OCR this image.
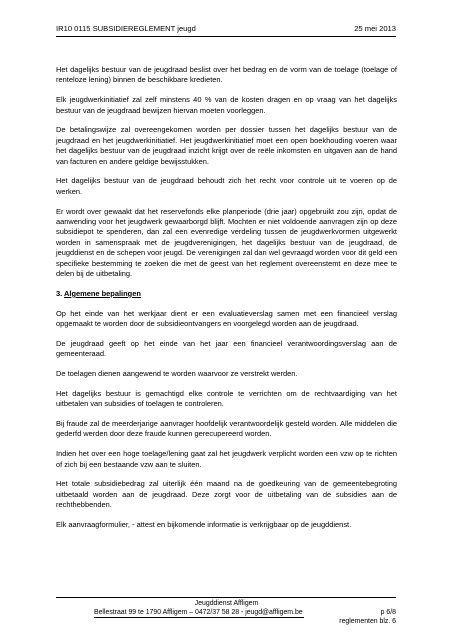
IR10 0115 SUBSIDIEREGLEMENT jeugd	25 mei 2013

Het dagelijks bestuur van de jeugdraad beslist over het bedrag en de vorm van de toelage (toelage of renteloze lening) binnen de beschikbare kredieten.

Elk jeugdwerkinitiatief zal zelf minstens 40 % van de kosten dragen en op vraag van het dagelijks bestuur van de jeugdraad bewijzen hiervan moeten voorleggen.

De betalingswijze zal overeengekomen worden per dossier tussen het dagelijks bestuur van de jeugdraad en het jeugdwerkinitiatief. Het jeugdwerkinitiatief moet een open boekhouding voeren waar het dagelijks bestuur van de jeugdraad inzicht krijgt over de reële inkomsten en uitgaven aan de hand van facturen en andere geldige bewijsstukken.

Het dagelijks bestuur van de jeugdraad behoudt zich het recht voor controle uit te voeren op de werken.

Er wordt over gewaakt dat het reservefonds elke planperiode (drie jaar) opgebruikt zou zijn, opdat de aanwending voor het jeugdwerk gewaarborgd blijft. Mochten er niet voldoende aanvragen zijn op deze subsidiepot te spenderen, dan zal een evenredige verdeling tussen de jeugdwerkvormen uitgewerkt worden in samenspraak met de jeugdverenigingen, het dagelijks bestuur van de jeugdraad, de jeugddienst en de schepen voor jeugd. De verenigingen zal dan wel gevraagd worden voor dit geld een specifieke bestemming te zoeken die met de geest van het reglement overeenstemt en deze mee te delen bij de uitbetaling.

3. Algemene bepalingen

Op het einde van het werkjaar dient er een evaluatieverslag samen met een financieel verslag opgemaakt te worden door de subsidieontvangers en voorgelegd worden aan de jeugdraad.

De jeugdraad geeft op het einde van het jaar een financieel verantwoordingsverslag aan de gemeenteraad.

De toelagen dienen aangewend te worden waarvoor ze verstrekt werden.

Het dagelijks bestuur is gemachtigd elke controle te verrichten om de rechtvaardiging van het uitbetalen van subsidies of toelagen te controleren.

Bij fraude zal de meerderjarige aanvrager hoofdelijk verantwoordelijk gesteld worden. Alle middelen die gederfd werden door deze fraude kunnen gerecupereerd worden.

Indien het over een hoge toelage/lening gaat zal het jeugdwerk verplicht worden een vzw op te richten of zich bij een bestaande vzw aan te sluiten.

Het totale subsidiebedrag zal uiterlijk één maand na de goedkeuring van de gemeentebegroting uitbetaald worden aan de jeugdraad. Deze zorgt voor de uitbetaling van de subsidies aan de rechthebbenden.

Elk aanvraagformulier, - attest en bijkomende informatie is verkrijgbaar op de jeugddienst.

Jeugddienst Affligem
Bellestraat 99 te 1790 Affligem – 0472/37 58 28 - jeugd@affligem.be	p 6/8
reglementen blz. 6
